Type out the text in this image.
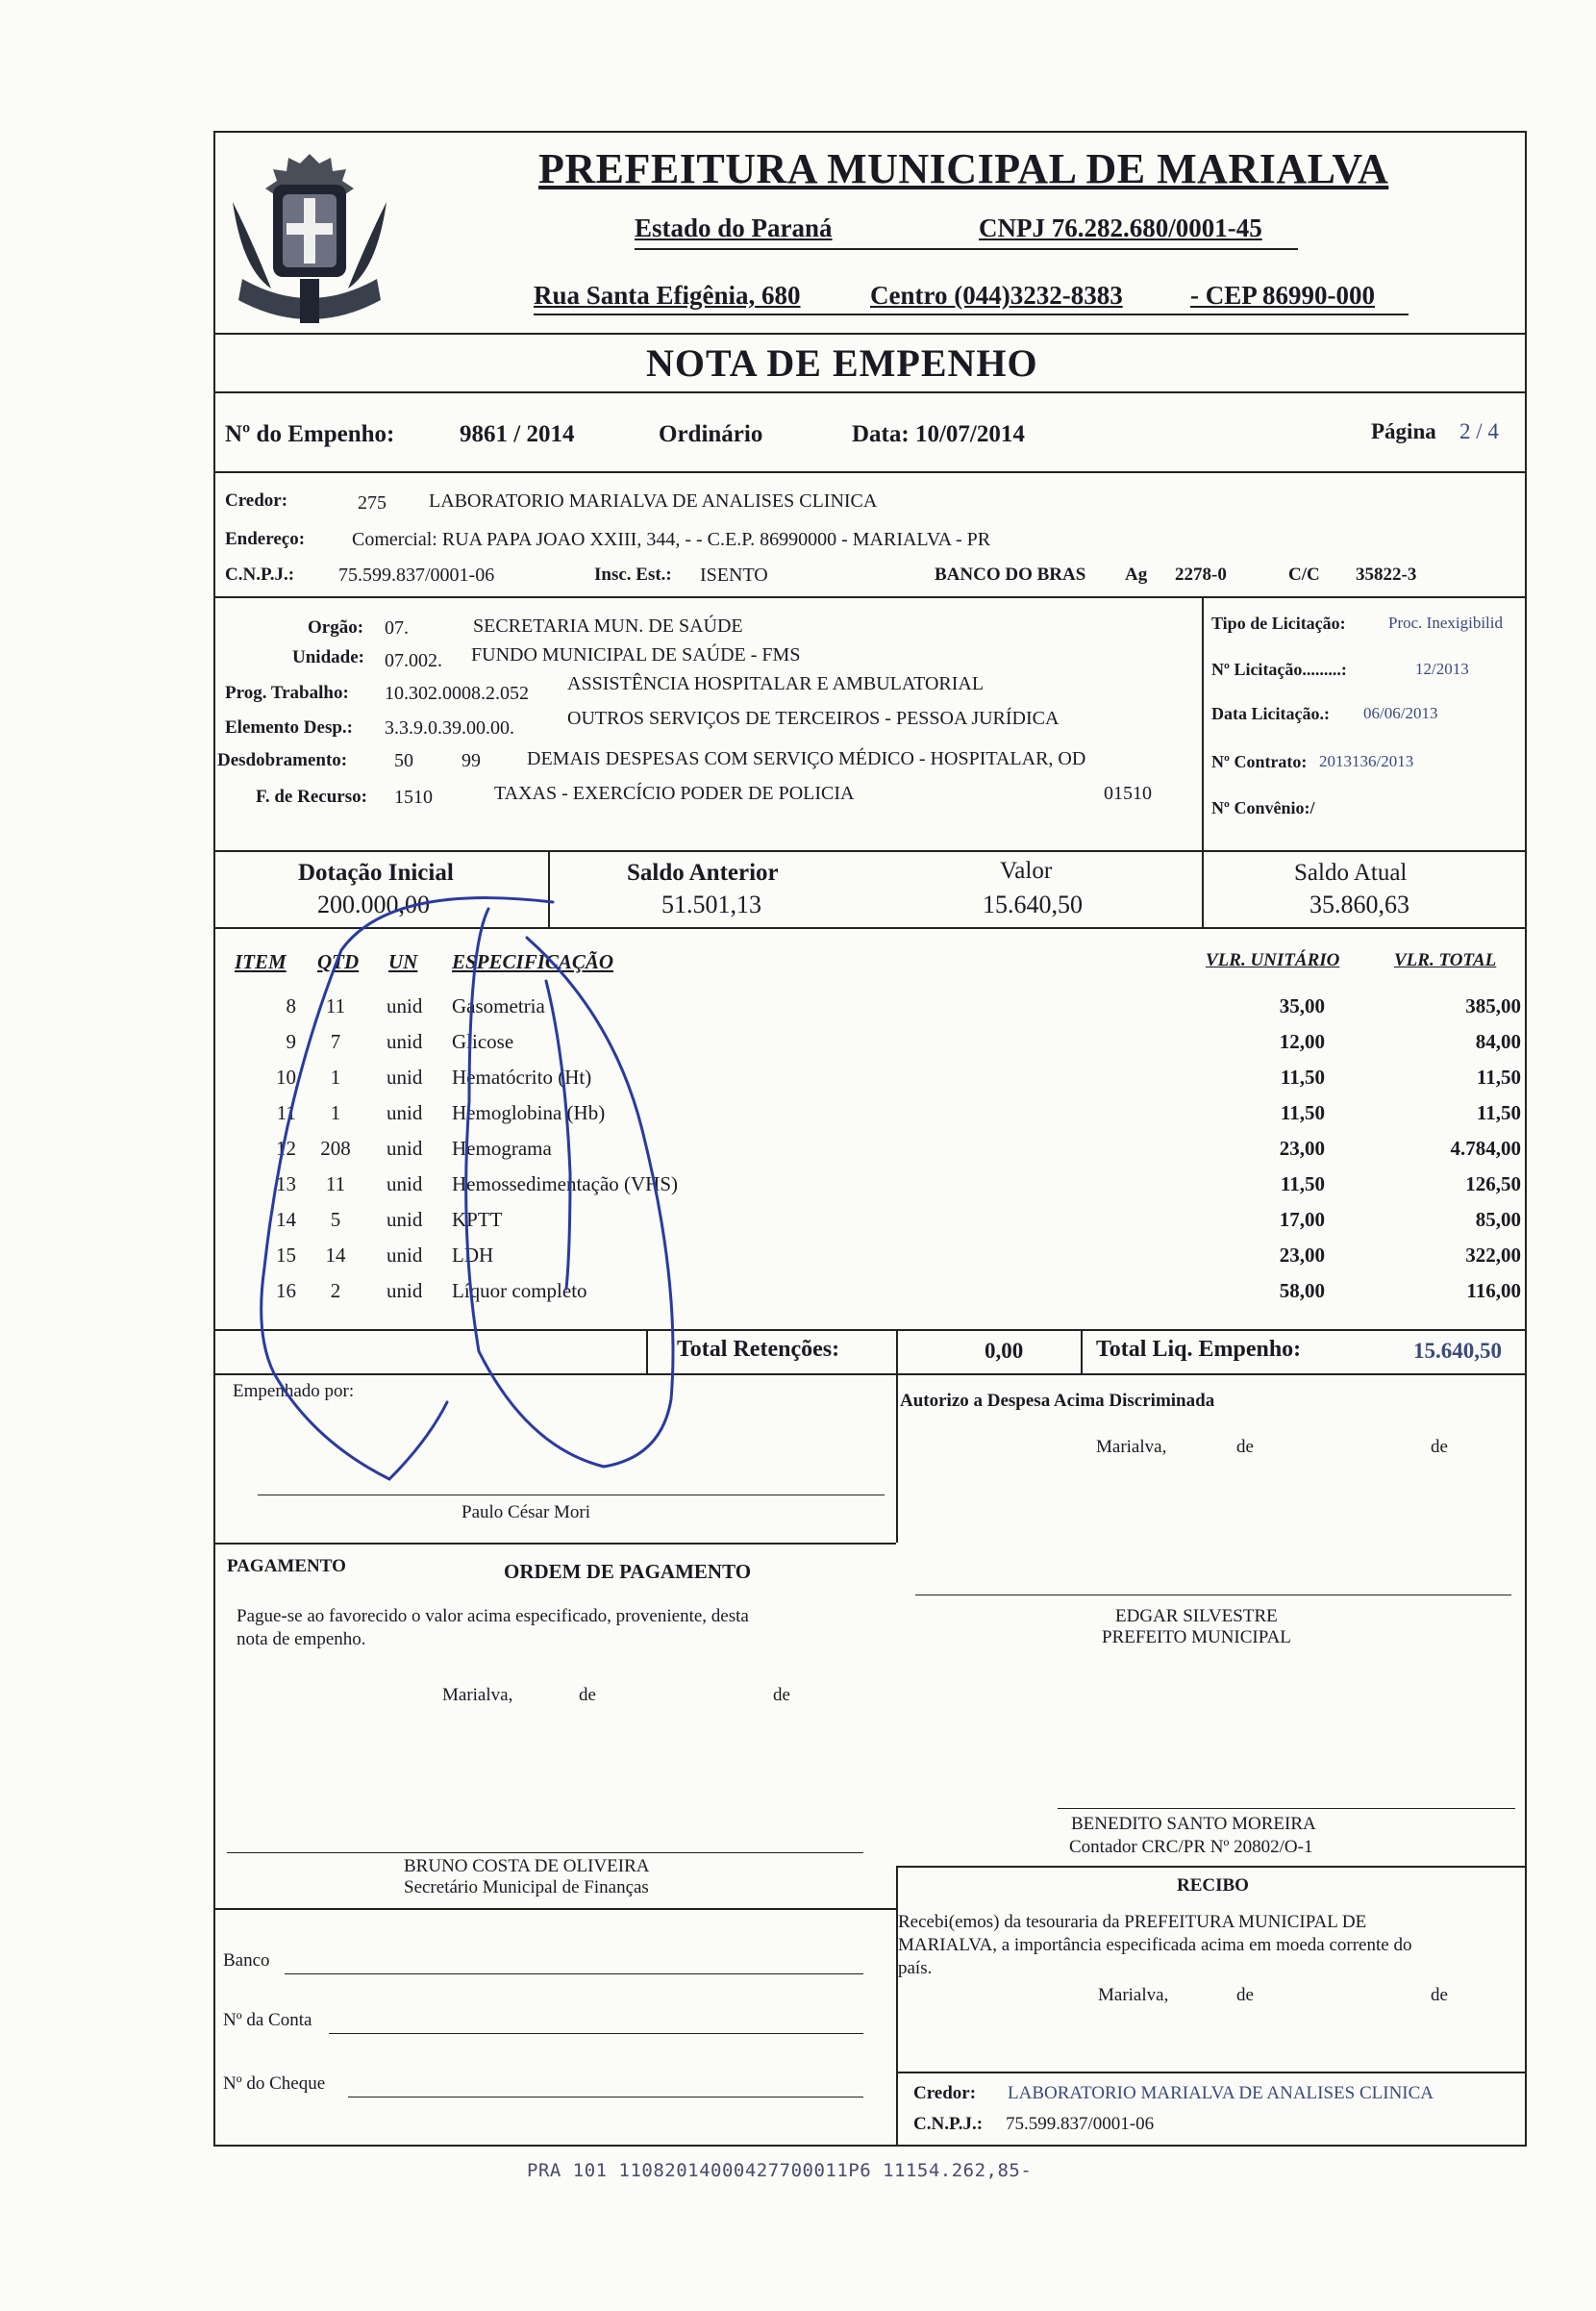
PREFEITURA MUNICIPAL DE MARIALVA
Estado do Paraná	CNPJ 76.282.680/0001-45
Rua Santa Efigênia, 680	Centro (044)3232-8383	- CEP 86990-000
NOTA DE EMPENHO
Nº do Empenho:	9861 / 2014	Ordinário	Data: 10/07/2014	Página 2 / 4
Credor:	275 LABORATORIO MARIALVA DE ANALISES CLINICA
Endereço: Comercial: RUA PAPA JOAO XXIII, 344, - - C.E.P. 86990000 - MARIALVA - PR
C.N.P.J.: 75.599.837/0001-06	Insc. Est.: ISENTO	BANCO DO BRAS Ag 2278-0	C/C 35822-3
Orgão: 07.	SECRETARIA MUN. DE SAÚDE
Unidade: 07.002. FUNDO MUNICIPAL DE SAÚDE - FMS
Prog. Trabalho: 10.302.0008.2.052 ASSISTÊNCIA HOSPITALAR E AMBULATORIAL
Elemento Desp.: 3.3.9.0.39.00.00.	OUTROS SERVIÇOS DE TERCEIROS - PESSOA JURÍDICA
Desdobramento: 50	99 DEMAIS DESPESAS COM SERVIÇO MÉDICO - HOSPITALAR, OD
F. de Recurso: 1510	TAXAS - EXERCÍCIO PODER DE POLICIA	01510
Tipo de Licitação:	Proc. Inexigibilid
Nº Licitação.........:	12/2013
Data Licitação.: 06/06/2013
Nº Contrato: 2013136/2013
Nº Convênio:/
Dotação Inicial
200.000,00
Saldo Anterior
51.501,13
Valor
15.640,50
Saldo Atual
35.860,63
ITEM QTD UN ESPECIFICAÇÃO	VLR. UNITÁRIO	VLR. TOTAL
8	11	unid Gasometria	35,00	385,00
9	7	unid Glicose	12,00	84,00
10	1	unid Hematócrito (Ht)	11,50	11,50
11	1	unid Hemoglobina (Hb)	11,50	11,50
12	208	unid Hemograma	23,00	4.784,00
13	11	unid Hemossedimentação (VHS)	11,50	126,50
14	5	unid KPTT	17,00	85,00
15	14	unid LDH	23,00	322,00
16	2	unid Líquor completo	58,00	116,00
Total Retenções:	0,00	Total Liq. Empenho:	15.640,50
Empenhado por:
Paulo César Mori
Autorizo a Despesa Acima Discriminada
Marialva,	de	de
PAGAMENTO	ORDEM DE PAGAMENTO
Pague-se ao favorecido o valor acima especificado, proveniente, desta
nota de empenho.
Marialva,	de	de
EDGAR SILVESTRE
PREFEITO MUNICIPAL
BENEDITO SANTO MOREIRA
Contador CRC/PR Nº 20802/O-1
BRUNO COSTA DE OLIVEIRA
Secretário Municipal de Finanças	RECIBO
Recebi(emos) da tesouraria da PREFEITURA MUNICIPAL DE
MARIALVA, a importância especificada acima em moeda corrente do
país.
Marialva,	de	de
Banco
Nº da Conta
Nº do Cheque	Credor: LABORATORIO MARIALVA DE ANALISES CLINICA
C.N.P.J.: 75.599.837/0001-06
PRA 101 11082014000427700011P6 11154.262,85-
